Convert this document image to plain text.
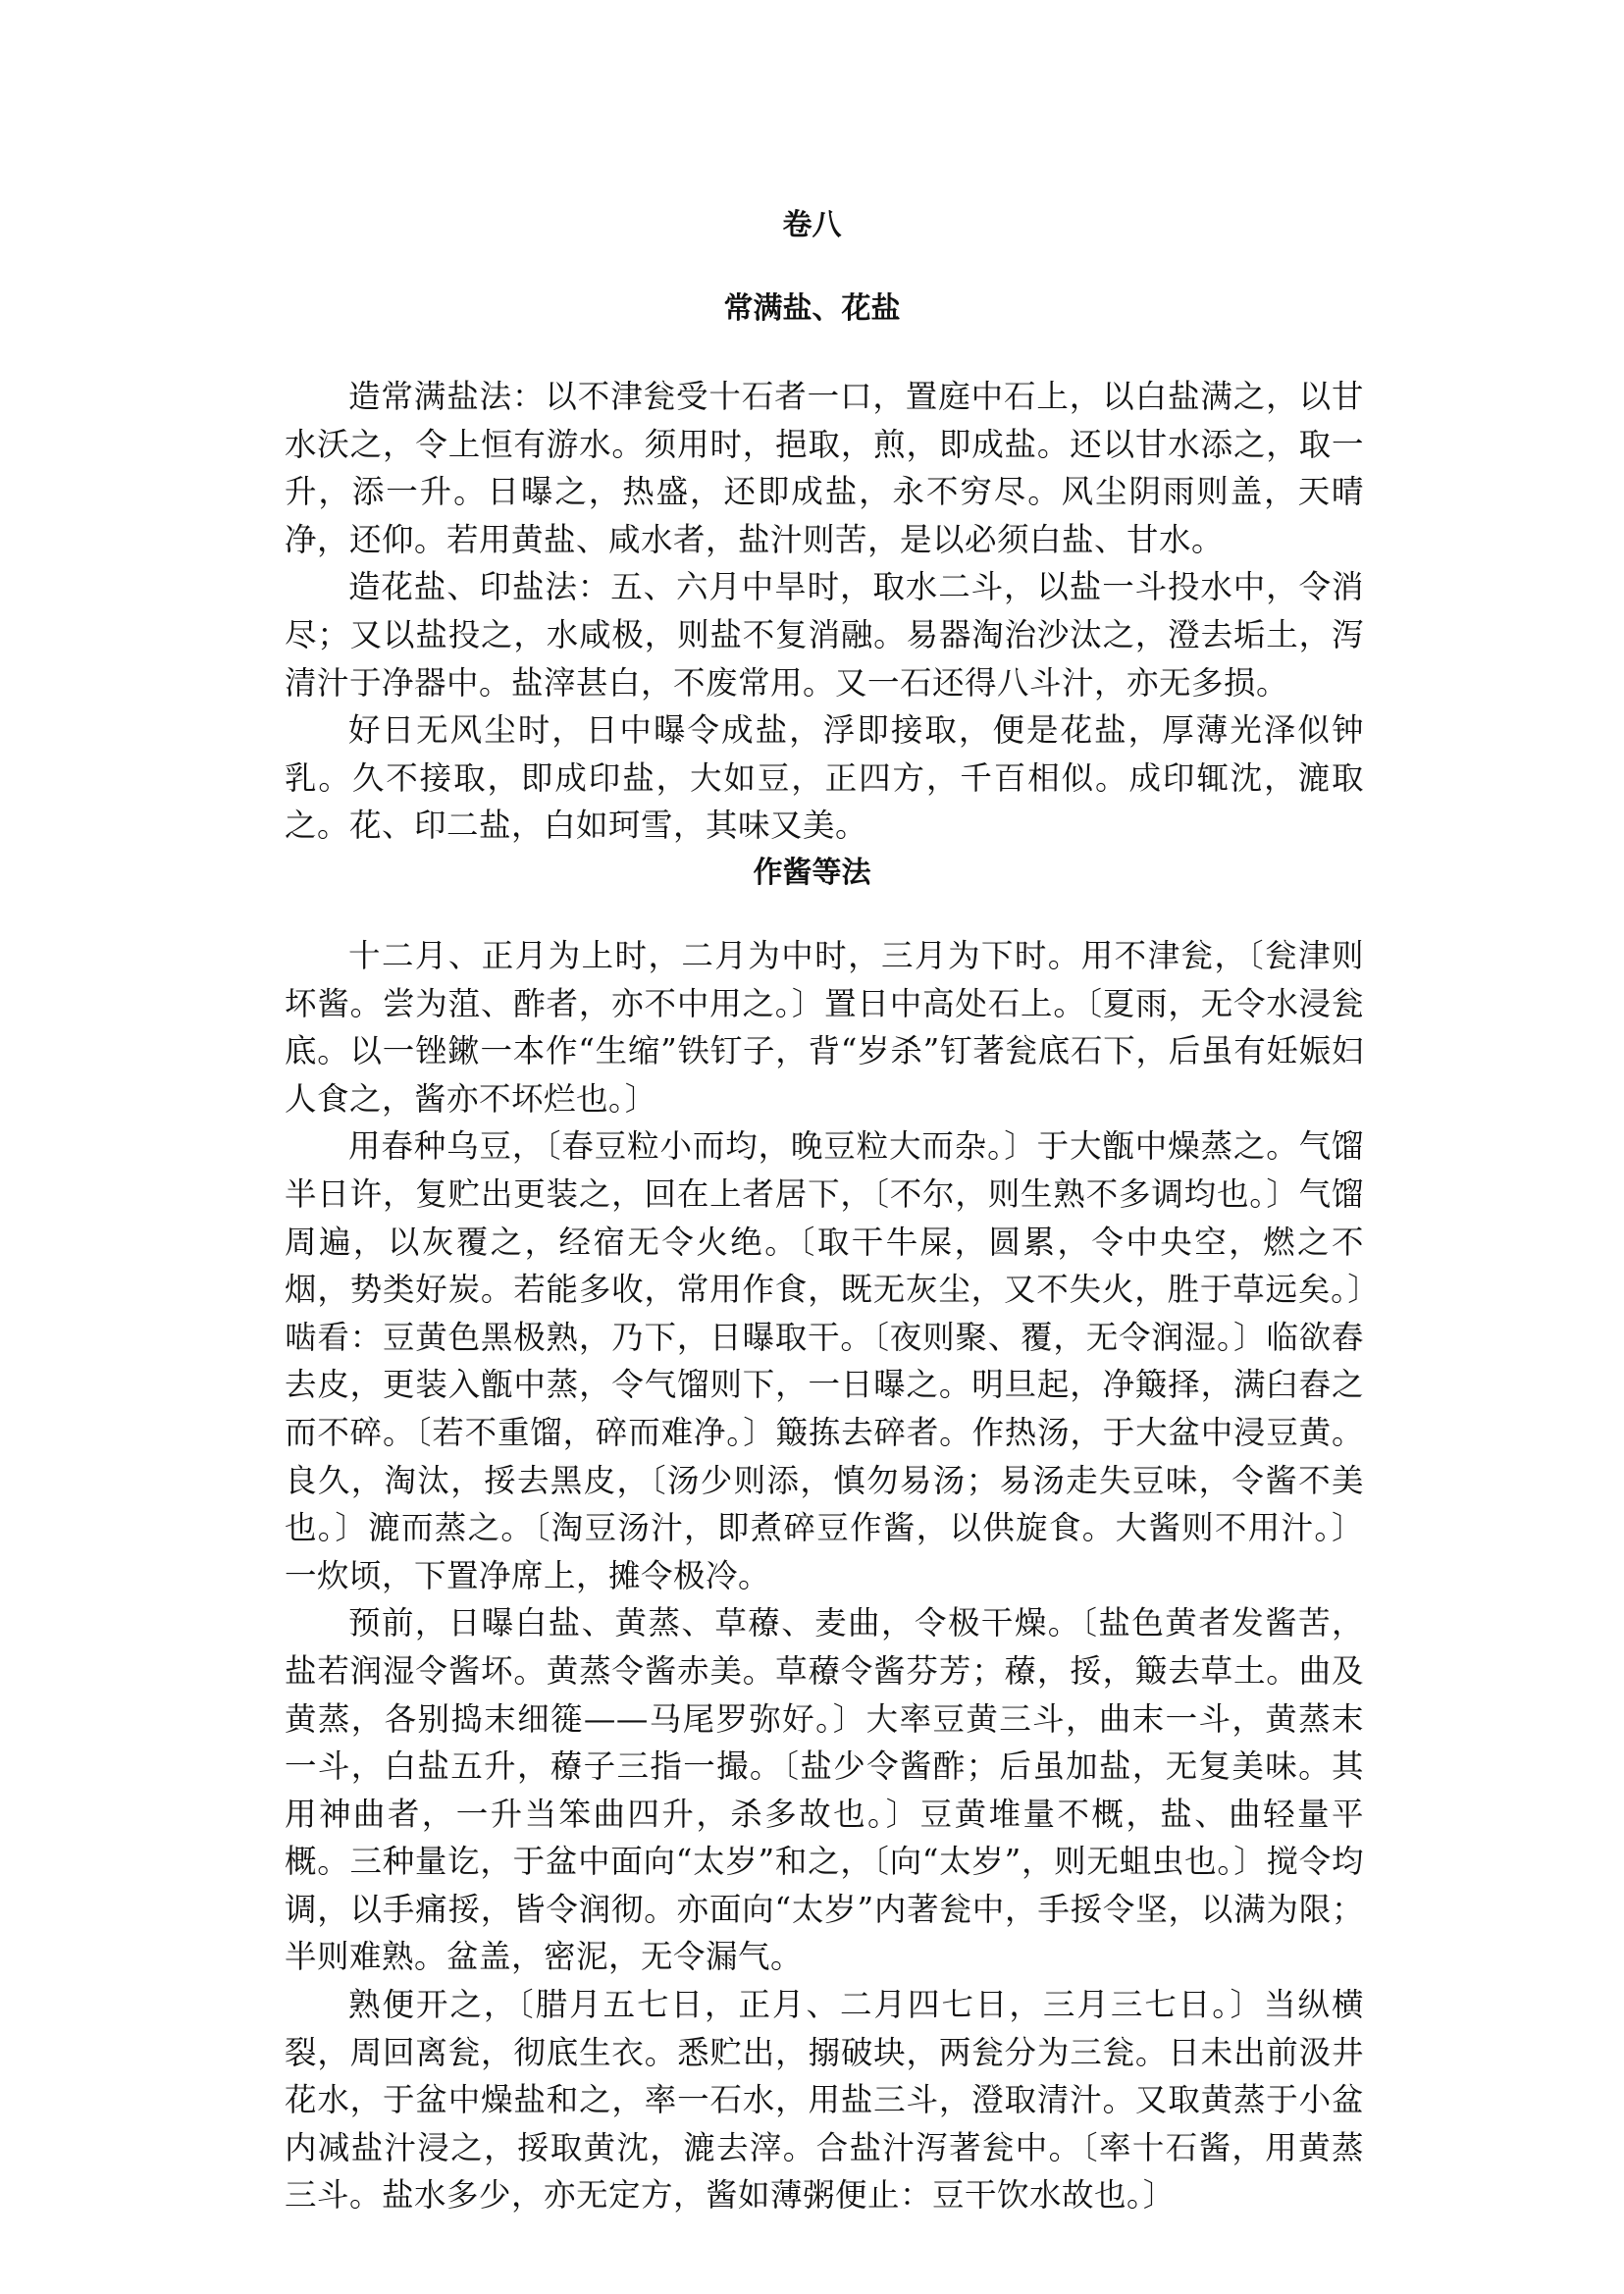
卷八
常满盐、花盐

造常满盐法：以不津瓮受十石者一口，置庭中石上，以白盐满之，以甘水沃之，令上恒有游水。须用时，挹取，煎，即成盐。还以甘水添之，取一升，添一升。日曝之，热盛，还即成盐，永不穷尽。风尘阴雨则盖，天晴净，还仰。若用黄盐、咸水者，盐汁则苦，是以必须白盐、甘水。

造花盐、印盐法：五、六月中旱时，取水二斗，以盐一斗投水中，令消尽；又以盐投之，水咸极，则盐不复消融。易器淘治沙汰之，澄去垢土，泻清汁于净器中。盐滓甚白，不废常用。又一石还得八斗汁，亦无多损。

好日无风尘时，日中曝令成盐，浮即接取，便是花盐，厚薄光泽似钟乳。久不接取，即成印盐，大如豆，正四方，千百相似。成印辄沈，漉取之。花、印二盐，白如珂雪，其味又美。

作酱等法

十二月、正月为上时，二月为中时，三月为下时。用不津瓮，〔瓮津则坏酱。尝为菹、酢者，亦不中用之。〕置日中高处石上。〔夏雨，无令水浸瓮底。以一锉鏉一本作“生缩”铁钉子，背“岁杀”钉著瓮底石下，后虽有妊娠妇人食之，酱亦不坏烂也。〕

用春种乌豆，〔春豆粒小而均，晚豆粒大而杂。〕于大甑中燥蒸之。气馏半日许，复贮出更装之，回在上者居下，〔不尔，则生熟不多调均也。〕气馏周遍，以灰覆之，经宿无令火绝。〔取干牛屎，圆累，令中央空，燃之不烟，势类好炭。若能多收，常用作食，既无灰尘，又不失火，胜于草远矣。〕啮看：豆黄色黑极熟，乃下，日曝取干。〔夜则聚、覆，无令润湿。〕临欲舂去皮，更装入甑中蒸，令气馏则下，一日曝之。明旦起，净簸择，满臼舂之而不碎。〔若不重馏，碎而难净。〕簸拣去碎者。作热汤，于大盆中浸豆黄。良久，淘汰，挼去黑皮，〔汤少则添，慎勿易汤；易汤走失豆味，令酱不美也。〕漉而蒸之。〔淘豆汤汁，即煮碎豆作酱，以供旋食。大酱则不用汁。〕一炊顷，下置净席上，摊令极冷。

预前，日曝白盐、黄蒸、草䕩、麦曲，令极干燥。〔盐色黄者发酱苦，盐若润湿令酱坏。黄蒸令酱赤美。草䕩令酱芬芳；䕩，挼，簸去草土。曲及黄蒸，各别捣末细簁——马尾罗弥好。〕大率豆黄三斗，曲末一斗，黄蒸末一斗，白盐五升，䕩子三指一撮。〔盐少令酱酢；后虽加盐，无复美味。其用神曲者，一升当笨曲四升，杀多故也。〕豆黄堆量不概，盐、曲轻量平概。三种量讫，于盆中面向“太岁”和之，〔向“太岁”，则无蛆虫也。〕搅令均调，以手痛挼，皆令润彻。亦面向“太岁”内著瓮中，手挼令坚，以满为限；半则难熟。盆盖，密泥，无令漏气。

熟便开之，〔腊月五七日，正月、二月四七日，三月三七日。〕当纵横裂，周回离瓮，彻底生衣。悉贮出，搦破块，两瓮分为三瓮。日未出前汲井花水，于盆中燥盐和之，率一石水，用盐三斗，澄取清汁。又取黄蒸于小盆内减盐汁浸之，挼取黄沈，漉去滓。合盐汁泻著瓮中。〔率十石酱，用黄蒸三斗。盐水多少，亦无定方，酱如薄粥便止：豆干饮水故也。〕
